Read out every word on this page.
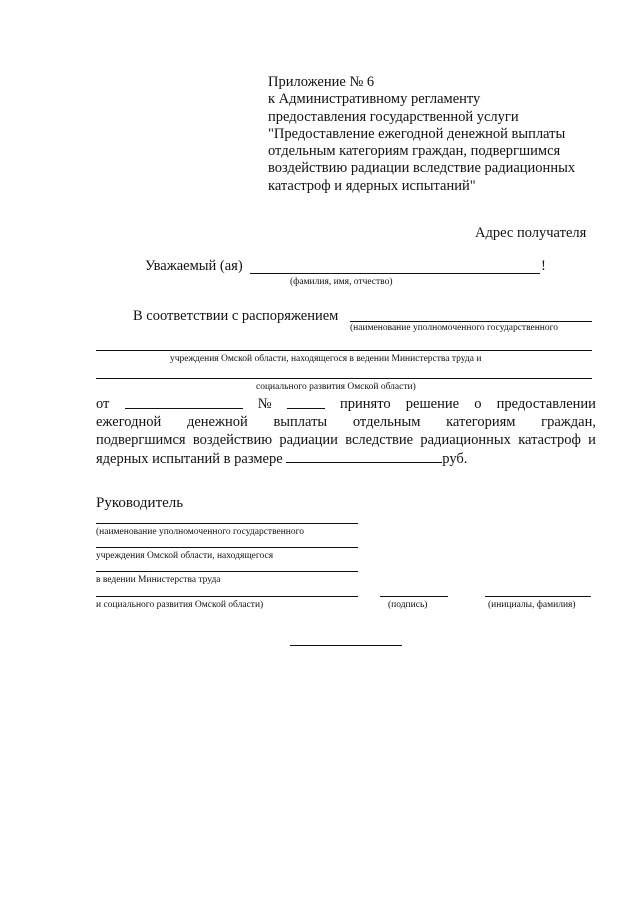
Приложение № 6
к Административному регламенту
предоставления государственной услуги
"Предоставление ежегодной денежной выплаты
отдельным категориям граждан, подвергшимся
воздействию радиации вследствие радиационных
катастроф и ядерных испытаний"
Адрес получателя
Уважаемый (ая)	!
(фамилия, имя, отчество)
В соответствии с распоряжением
(наименование уполномоченного государственного
учреждения Омской области, находящегося в ведении Министерства труда и
социального развития Омской области)
от	№	принято решение о предоставлении
ежегодной денежной выплаты отдельным категориям граждан,
подвергшимся воздействию радиации вследствие радиационных катастроф и
ядерных испытаний в размере	руб.
Руководитель
(наименование уполномоченного государственного
учреждения Омской области, находящегося
в ведении Министерства труда
и социального развития Омской области)	(подпись)	(инициалы, фамилия)
